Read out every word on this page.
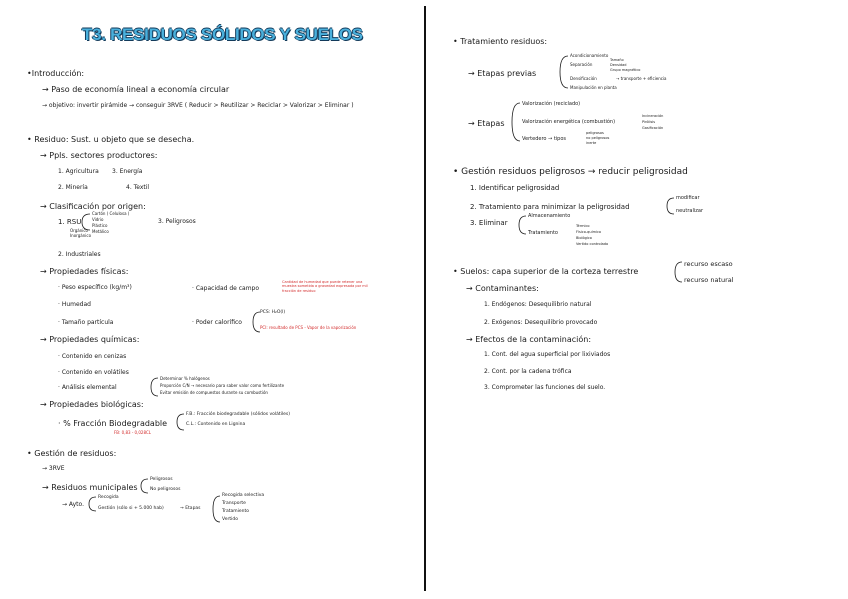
T3. RESIDUOS SÓLIDOS Y SUELOS
•Introducción:
→ Paso de economía lineal a economía circular
→ objetivo: invertir pirámide → conseguir 3RVE ( Reducir > Reutilizar > Reciclar > Valorizar > Eliminar )
• Residuo: Sust. u objeto que se desecha.
→ Ppls. sectores productores:
1. Agricultura 3. Energía
2. Minería	4. Textil
→ Clasificación por origen:
1. RSU
Cartón ( Celulosa )
Vidrio
Plástico
Orgánico
Inorgánico
Metálico
3. Peligrosos
2. Industriales
→ Propiedades físicas:
· Peso específico (kg/m³)
· Humedad
· Tamaño partícula
· Capacidad de campo
Cantidad de humedad que puede retener una muestra sometida a gravedad expresada por mil fracción de residuo
· Poder calorífico
PCS: H₂O(l)
PCI: resultado de PCS - Vapor de la vaporización
→ Propiedades químicas:
· Contenido en cenizas
· Contenido en volátiles
· Análisis elemental
Determinar % halógenos
Proporción C/N → necesario para saber valor como fertilizante
Evitar emisión de compuestos durante su combustión
→ Propiedades biológicas:
· % Fracción Biodegradable
F.B.: Fracción biodegradable (sólidos volátiles)
C.L.: Contenido en Lignina
FB: 0,83 - 0,028CL
• Gestión de residuos:
→ 3RVE
→ Residuos municipales
Peligrosos
No peligrosos
→ Ayto.
Recogida
Gestión (sólo si + 5.000 hab)	→ Etapas
Recogida selectiva
Transporte
Tratamiento
Vertido
• Tratamiento residuos:
→ Etapas previas
Acondicionamiento
Separación
Densificación
Manipulación en planta
Tamaño
Densidad
Grupo magnético
→ transporte + eficiencia
→ Etapas
Valorización (reciclado)
Valorización energética (combustión)
Vertedero → tipos
Incineración
Pirólisis
Gasificación
peligrosos
no peligrosos
inerte
• Gestión residuos peligrosos → reducir peligrosidad
1. Identificar peligrosidad
2. Tratamiento para minimizar la peligrosidad
3. Eliminar
modificar
neutralizar
Almacenamiento
Tratamiento
Térmico
Físico-químico
Biológico
Vertido controlado
• Suelos: capa superior de la corteza terrestre
recurso escaso
recurso natural
→ Contaminantes:
1. Endógenos: Desequilibrio natural
2. Exógenos: Desequilibrio provocado
→ Efectos de la contaminación:
1. Cont. del agua superficial por lixiviados
2. Cont. por la cadena trófica
3. Comprometer las funciones del suelo.
